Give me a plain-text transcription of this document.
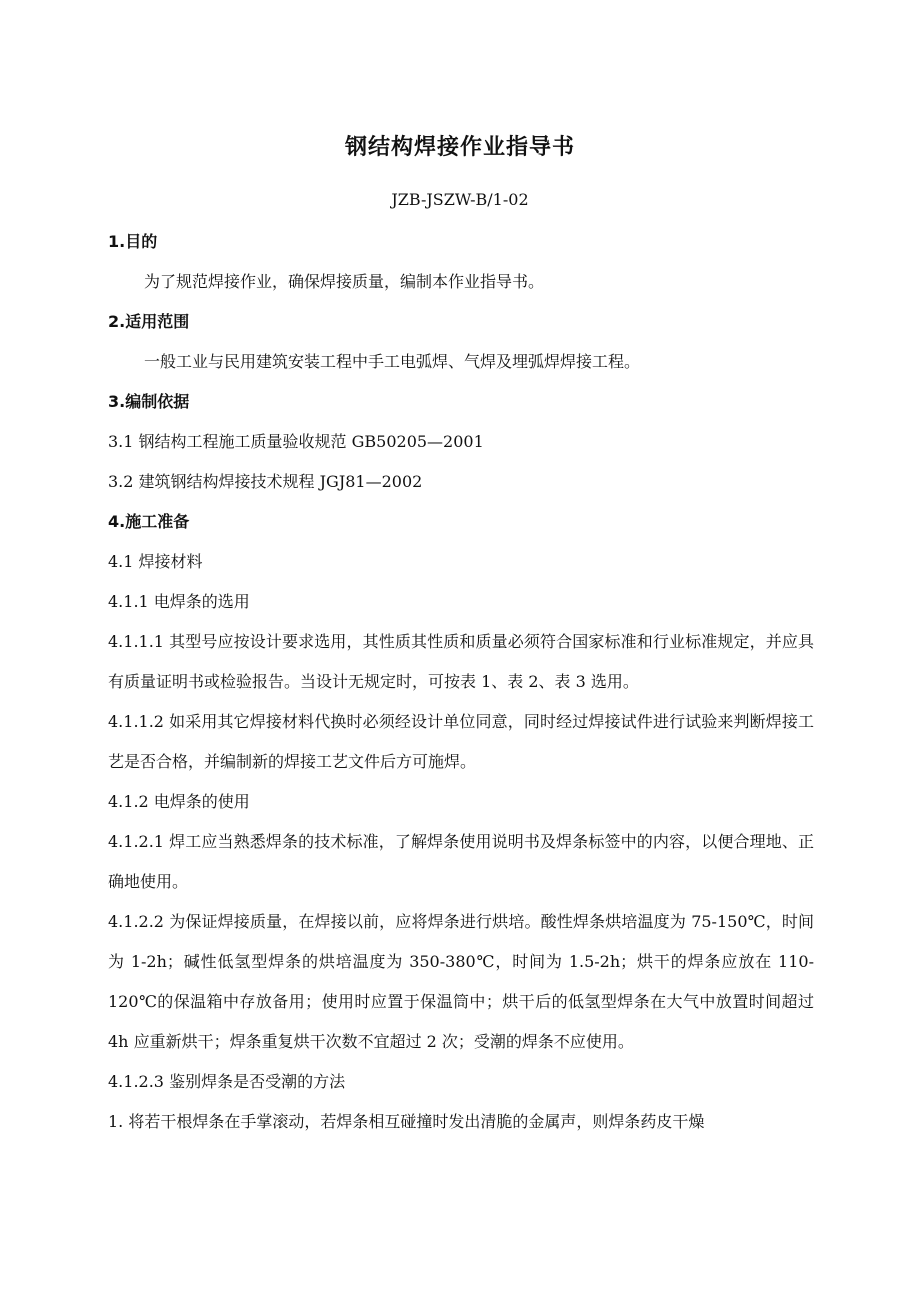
钢结构焊接作业指导书
JZB-JSZW-B/1-02

1.目的

为了规范焊接作业，确保焊接质量，编制本作业指导书。

2.适用范围

一般工业与民用建筑安装工程中手工电弧焊、气焊及埋弧焊焊接工程。

3.编制依据

3.1 钢结构工程施工质量验收规范 GB50205—2001

3.2 建筑钢结构焊接技术规程 JGJ81—2002

4.施工准备

4.1 焊接材料

4.1.1 电焊条的选用

4.1.1.1 其型号应按设计要求选用，其性质其性质和质量必须符合国家标准和行业标准规定，并应具有质量证明书或检验报告。当设计无规定时，可按表 1、表 2、表 3 选用。

4.1.1.2 如采用其它焊接材料代换时必须经设计单位同意，同时经过焊接试件进行试验来判断焊接工艺是否合格，并编制新的焊接工艺文件后方可施焊。

4.1.2 电焊条的使用

4.1.2.1 焊工应当熟悉焊条的技术标准，了解焊条使用说明书及焊条标签中的内容，以便合理地、正确地使用。

4.1.2.2 为保证焊接质量，在焊接以前，应将焊条进行烘培。酸性焊条烘培温度为 75-150℃，时间为 1-2h；碱性低氢型焊条的烘培温度为 350-380℃，时间为 1.5-2h；烘干的焊条应放在 110-120℃的保温箱中存放备用；使用时应置于保温筒中；烘干后的低氢型焊条在大气中放置时间超过 4h 应重新烘干；焊条重复烘干次数不宜超过 2 次；受潮的焊条不应使用。

4.1.2.3 鉴别焊条是否受潮的方法

1. 将若干根焊条在手掌滚动，若焊条相互碰撞时发出清脆的金属声，则焊条药皮干燥
